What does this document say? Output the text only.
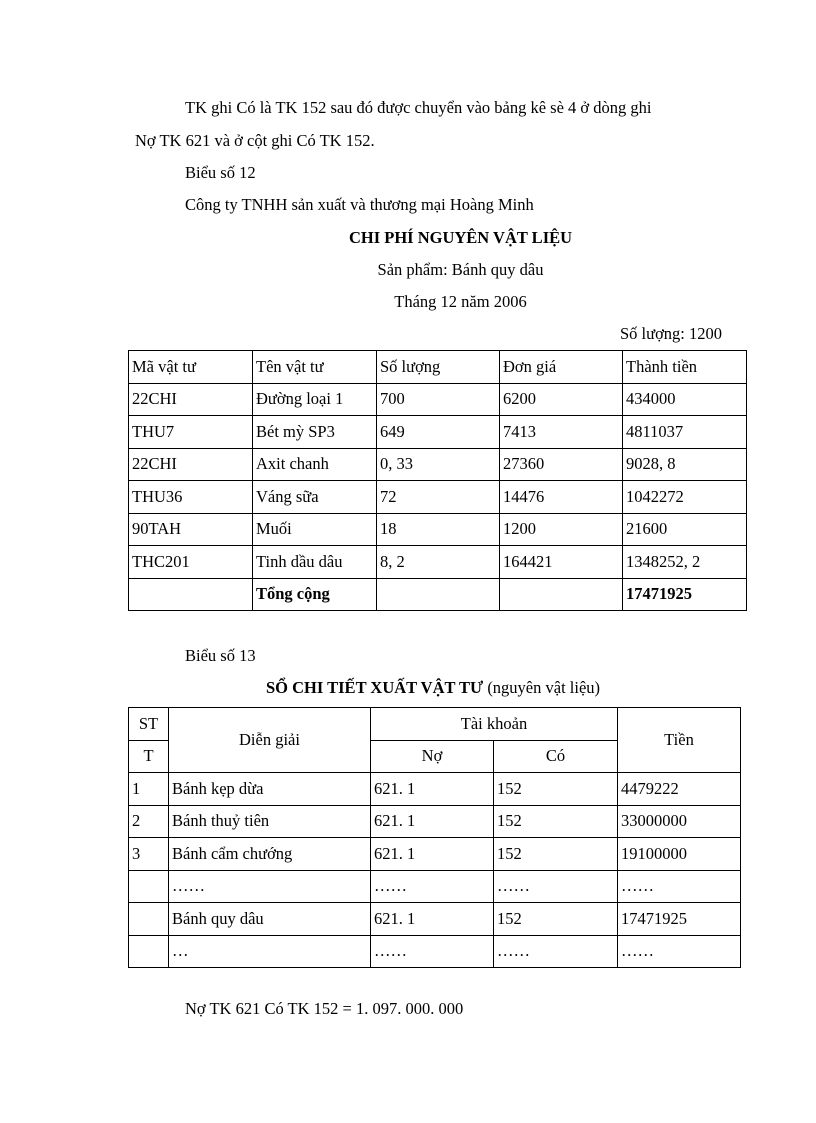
TK ghi Có là TK 152 sau đó được chuyển vào bảng kê sè 4 ở dòng ghi
Nợ TK 621 và ở cột ghi Có TK 152.
Biểu số 12
Công ty TNHH sản xuất và thương mại Hoàng Minh
CHI PHÍ NGUYÊN VẬT LIỆU
Sản phẩm: Bánh quy dâu
Tháng 12 năm 2006
Số lượng: 1200
Mã vật tư	Tên vật tư	Số lượng	Đơn giá	Thành tiền
22CHI	Đường loại 1	700	6200	434000
THU7	Bét mỳ SP3	649	7413	4811037
22CHI	Axit chanh	0, 33	27360	9028, 8
THU36	Váng sữa	72	14476	1042272
90TAH	Muối	18	1200	21600
THC201	Tinh dầu dâu	8, 2	164421	1348252, 2
	Tổng cộng			17471925
Biểu số 13
SỔ CHI TIẾT XUẤT VẬT TƯ (nguyên vật liệu)
ST	Diễn giải	Tài khoản		Tiền
T		Nợ	Có	
1	Bánh kẹp dừa	621. 1	152	4479222
2	Bánh thuỷ tiên	621. 1	152	33000000
3	Bánh cẩm chướng	621. 1	152	19100000
	……	……	……	……
	Bánh quy dâu	621. 1	152	17471925
	…	……	……	……
Nợ TK 621 Có TK 152 = 1. 097. 000. 000
